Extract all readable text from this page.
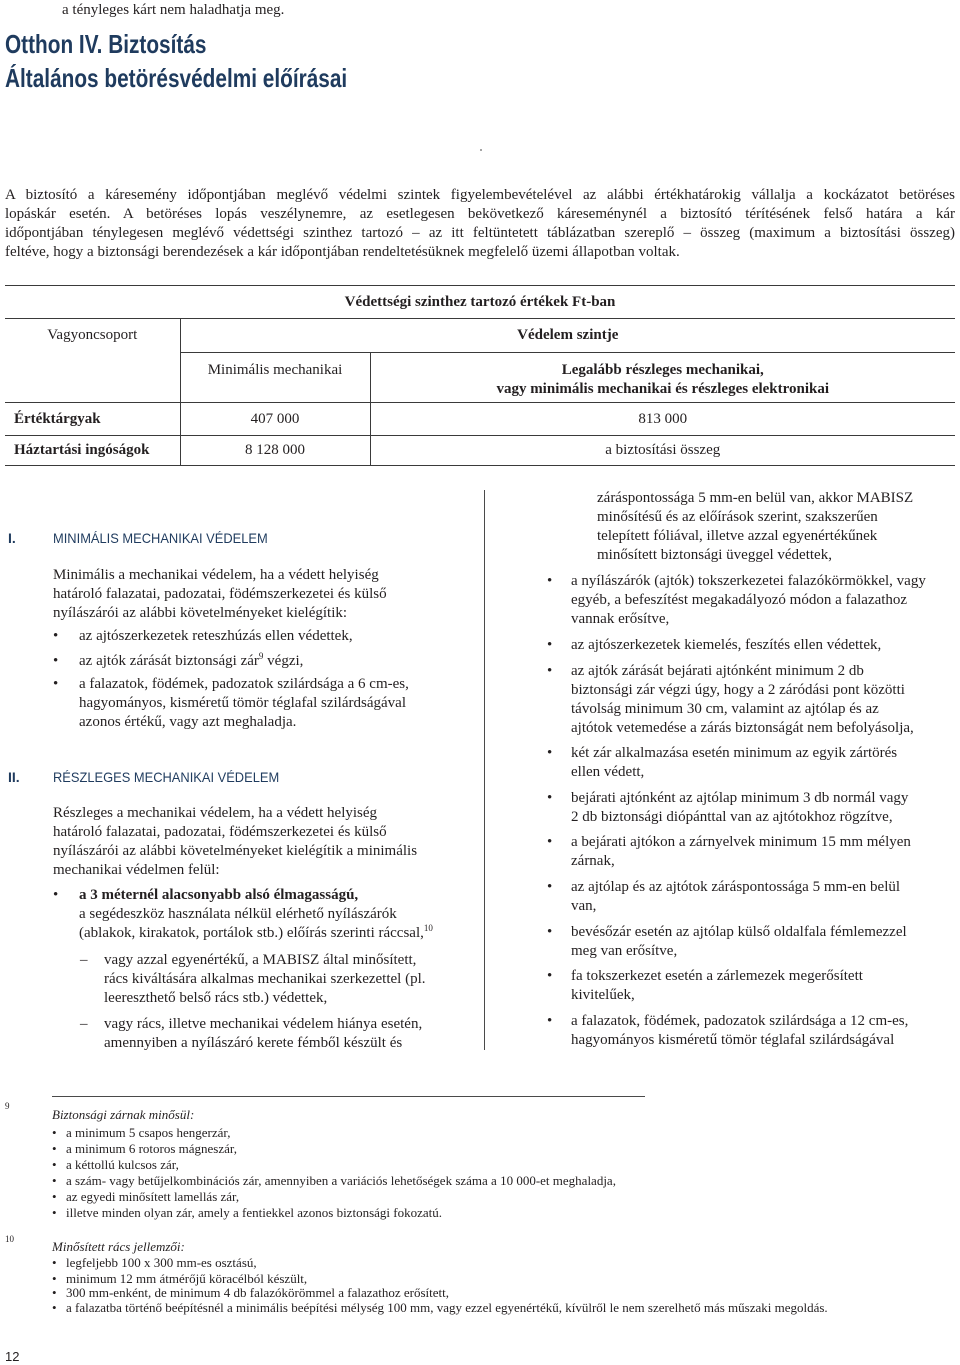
a tényleges kárt nem haladhatja meg.
Otthon IV. Biztosítás
Általános betörésvédelmi előírásai
A biztosító a káresemény időpontjában meglévő védelmi szintek figyelembevételével az alábbi értékhatárokig vállalja a kockázatot betöréses
lopáskár esetén. A betöréses lopás veszélynemre, az esetlegesen bekövetkező káreseménynél a biztosító térítésének felső határa a kár
időpontjában ténylegesen meglévő védettségi szinthez tartozó – az itt feltüntetett táblázatban szereplő – összeg (maximum a biztosítási összeg)
feltéve, hogy a biztonsági berendezések a kár időpontjában rendeltetésüknek megfelelő üzemi állapotban voltak.
Védettségi szinthez tartozó értékek Ft-ban		
Vagyoncsoport	Védelem szintje	
	Minimális mechanikai	Legalább részleges mechanikai,
vagy minimális mechanikai és részleges elektronikai

Értéktárgyak	407 000	813 000
Háztartási ingóságok	8 128 000	a biztosítási összeg
I.	MINIMÁLIS MECHANIKAI VÉDELEM
Minimális a mechanikai védelem, ha a védett helyiség
határoló falazatai, padozatai, födémszerkezetei és külső
nyílászárói az alábbi követelményeket kielégítik:
•
az ajtószerkezetek reteszhúzás ellen védettek,
•
az ajtók zárását biztonsági zár$^9$ végzi,
•
a falazatok, födémek, padozatok szilárdsága a 6 cm-es,
hagyományos, kisméretű tömör téglafal szilárdságával
azonos értékű, vagy azt meghaladja.
II. RÉSZLEGES MECHANIKAI VÉDELEM
Részleges a mechanikai védelem, ha a védett helyiség
határoló falazatai, padozatai, födémszerkezetei és külső
nyílászárói az alábbi követelményeket kielégítik a minimális
mechanikai védelmen felül:
•
a 3 méternél alacsonyabb alsó élmagasságú,
a segédeszköz használata nélkül elérhető nyílászárók
(ablakok, kirakatok, portálok stb.) előírás szerinti ráccsal,$^{10}$
–
vagy azzal egyenértékű, a MABISZ által minősített,
rács kiváltására alkalmas mechanikai szerkezettel (pl.
leereszthető belső rács stb.) védettek,
–
vagy rács, illetve mechanikai védelem hiánya esetén,
amennyiben a nyílászáró kerete fémből készült és
záráspontossága 5 mm-en belül van, akkor MABISZ
minősítésű és az előírások szerint, szakszerűen
telepített fóliával, illetve azzal egyenértékűnek
minősített biztonsági üveggel védettek,
•
a nyílászárók (ajtók) tokszerkezetei falazókörmökkel, vagy
egyéb, a befeszítést megakadályozó módon a falazathoz
vannak erősítve,
•
az ajtószerkezetek kiemelés, feszítés ellen védettek,
•
az ajtók zárását bejárati ajtónként minimum 2 db
biztonsági zár végzi úgy, hogy a 2 záródási pont közötti
távolság minimum 30 cm, valamint az ajtólap és az
ajtótok vetemedése a zárás biztonságát nem befolyásolja,
•
két zár alkalmazása esetén minimum az egyik zártörés
ellen védett,
•
bejárati ajtónként az ajtólap minimum 3 db normál vagy
2 db biztonsági diópánttal van az ajtótokhoz rögzítve,
•
a bejárati ajtókon a zárnyelvek minimum 15 mm mélyen
zárnak,
•
az ajtólap és az ajtótok záráspontossága 5 mm-en belül
van,
•
bevésőzár esetén az ajtólap külső oldalfala fémlemezzel
meg van erősítve,
•
fa tokszerkezet esetén a zárlemezek megerősített
kivitelűek,
•
a falazatok, födémek, padozatok szilárdsága a 12 cm-es,
hagyományos kisméretű tömör téglafal szilárdságával
9
Biztonsági zárnak minősül:
•
a minimum 5 csapos hengerzár,
•
a minimum 6 rotoros mágneszár,
•
a kéttollú kulcsos zár,
•
a szám- vagy betűjelkombinációs zár, amennyiben a variációs lehetőségek száma a 10 000-et meghaladja,
•
az egyedi minősített lamellás zár,
•
illetve minden olyan zár, amely a fentiekkel azonos biztonsági fokozatú.
10	Minősített rács jellemzői:
•
legfeljebb 100 x 300 mm-es osztású,
•
minimum 12 mm átmérőjű köracélból készült,
•
300 mm-enként, de minimum 4 db falazókörömmel a falazathoz erősített,
•
a falazatba történő beépítésnél a minimális beépítési mélység 100 mm, vagy ezzel egyenértékű, kívülről le nem szerelhető más műszaki megoldás.
12
